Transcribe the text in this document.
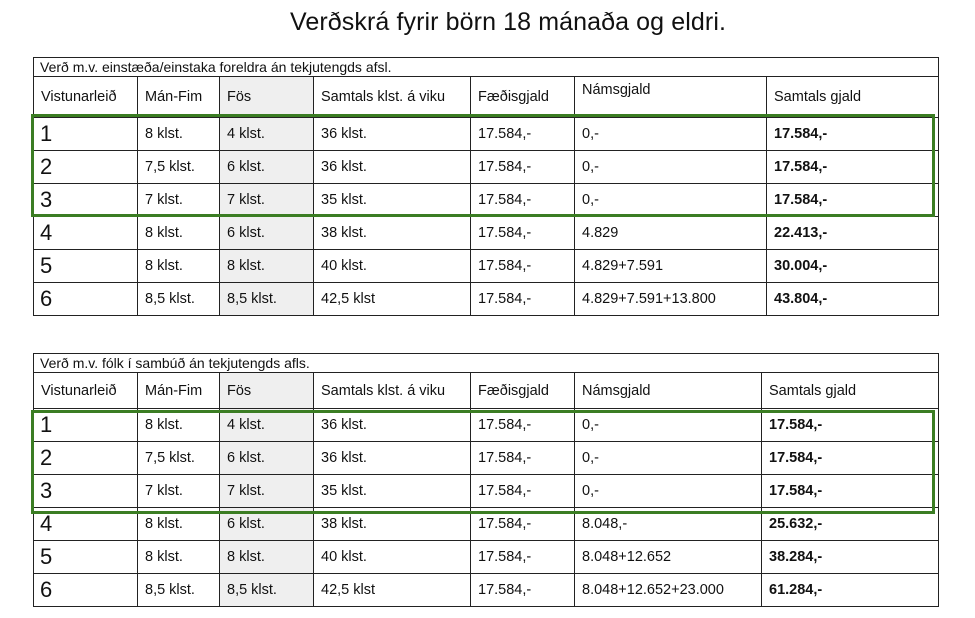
Verðskrá fyrir börn 18 mánaða og eldri.
Verð m.v. einstæða/einstaka foreldra án tekjutengds afsl.						
Vistunarleið	Mán-Fim	Fös	Samtals klst. á viku	Fæðisgjald	Námsgjald	Samtals gjald
1	8 klst.	4 klst.	36 klst.	17.584,-	0,-	17.584,-
2	7,5 klst.	6 klst.	36 klst.	17.584,-	0,-	17.584,-
3	7 klst.	7 klst.	35 klst.	17.584,-	0,-	17.584,-
4	8 klst.	6 klst.	38 klst.	17.584,-	4.829	22.413,-
5	8 klst.	8 klst.	40 klst.	17.584,-	4.829+7.591	30.004,-
6	8,5 klst.	8,5 klst.	42,5 klst	17.584,-	4.829+7.591+13.800	43.804,-
Verð m.v. fólk í sambúð án tekjutengds afls.						
Vistunarleið	Mán-Fim	Fös	Samtals klst. á viku	Fæðisgjald	Námsgjald	Samtals gjald
1	8 klst.	4 klst.	36 klst.	17.584,-	0,-	17.584,-
2	7,5 klst.	6 klst.	36 klst.	17.584,-	0,-	17.584,-
3	7 klst.	7 klst.	35 klst.	17.584,-	0,-	17.584,-
4	8 klst.	6 klst.	38 klst.	17.584,-	8.048,-	25.632,-
5	8 klst.	8 klst.	40 klst.	17.584,-	8.048+12.652	38.284,-
6	8,5 klst.	8,5 klst.	42,5 klst	17.584,-	8.048+12.652+23.000	61.284,-
